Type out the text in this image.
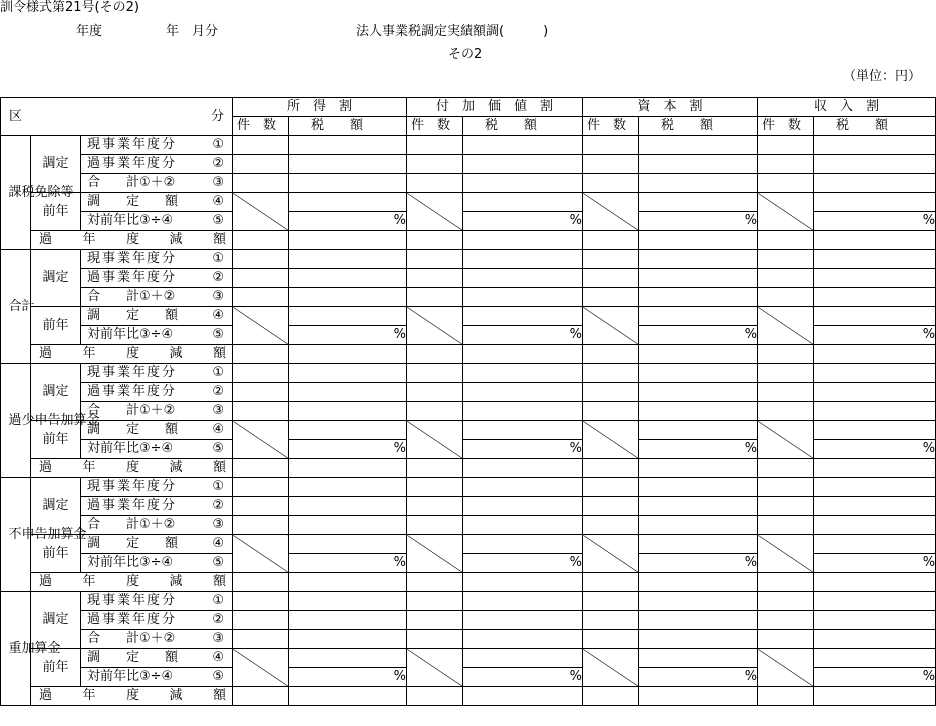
訓令様式第21号(その2)
年度	年　月分	法人事業税調定実績額調(　　　)
その2
（単位：円）
区 分			所　得　割		付　加　価　値　割		資　本　割		収　入　割	
			件　数	税　　額	件　数	税　　額	件　数	税　　額	件　数	税　　額
課税免除等	調定	現事業年度分 ①								

		過事業年度分 ②								

		合　　計①＋② ③								

	前年	調　　定　　額 ④								

		対前年比③÷④ ⑤		%		%		%		%

	過 年 度 減 額									

合計	調定	現事業年度分 ①								

		過事業年度分 ②								

		合　　計①＋② ③								

	前年	調　　定　　額 ④								

		対前年比③÷④ ⑤		%		%		%		%

	過 年 度 減 額									

過少申告加算金	調定	現事業年度分 ①								

		過事業年度分 ②								

		合　　計①＋② ③								

	前年	調　　定　　額 ④								

		対前年比③÷④ ⑤		%		%		%		%

	過 年 度 減 額									

不申告加算金	調定	現事業年度分 ①								

		過事業年度分 ②								

		合　　計①＋② ③								

	前年	調　　定　　額 ④								

		対前年比③÷④ ⑤		%		%		%		%

	過 年 度 減 額									

重加算金	調定	現事業年度分 ①								

		過事業年度分 ②								

		合　　計①＋② ③								

	前年	調　　定　　額 ④								

		対前年比③÷④ ⑤		%		%		%		%

	過 年 度 減 額									
